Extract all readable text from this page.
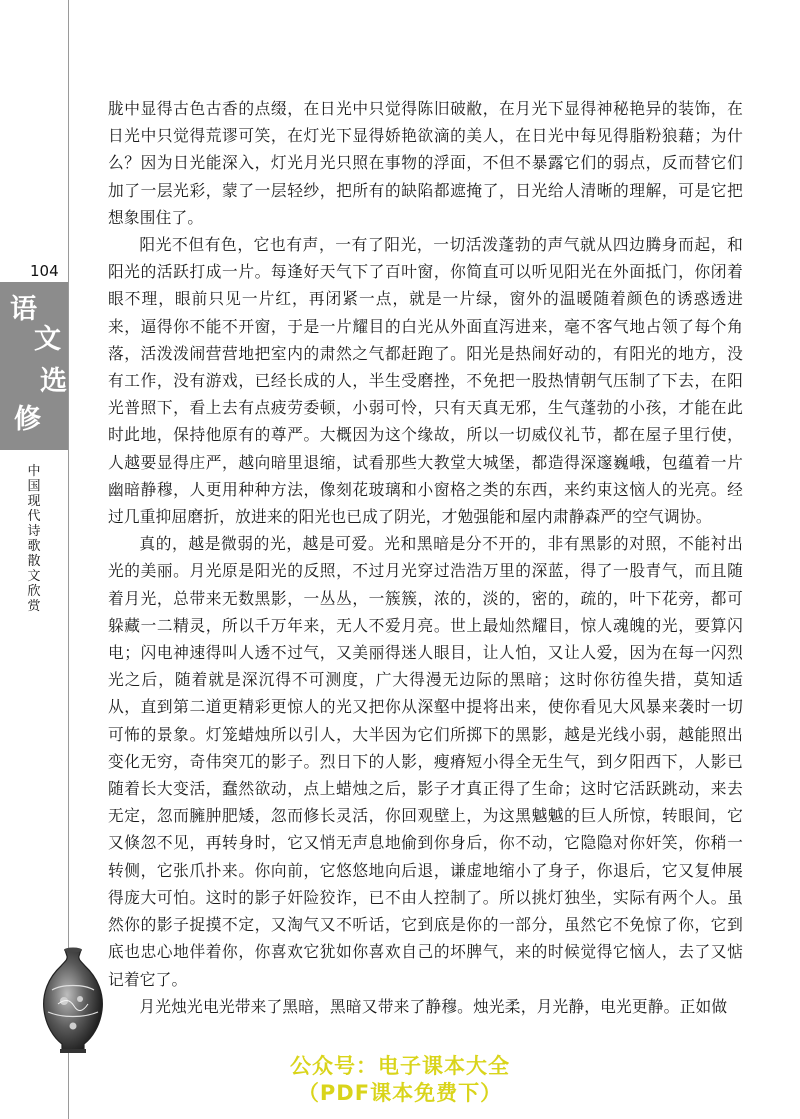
104
语
文
选
修
中国现代诗歌散文欣赏

胧中显得古色古香的点缀，在日光中只觉得陈旧破敝，在月光下显得神秘艳异的装饰，在日光中只觉得荒谬可笑，在灯光下显得娇艳欲滴的美人，在日光中每见得脂粉狼藉；为什么？因为日光能深入，灯光月光只照在事物的浮面，不但不暴露它们的弱点，反而替它们加了一层光彩，蒙了一层轻纱，把所有的缺陷都遮掩了，日光给人清晰的理解，可是它把想象围住了。

阳光不但有色，它也有声，一有了阳光，一切活泼蓬勃的声气就从四边腾身而起，和阳光的活跃打成一片。每逢好天气下了百叶窗，你简直可以听见阳光在外面抵门，你闭着眼不理，眼前只见一片红，再闭紧一点，就是一片绿，窗外的温暖随着颜色的诱惑透进来，逼得你不能不开窗，于是一片耀目的白光从外面直泻进来，毫不客气地占领了每个角落，活泼泼闹营营地把室内的肃然之气都赶跑了。阳光是热闹好动的，有阳光的地方，没有工作，没有游戏，已经长成的人，半生受磨挫，不免把一股热情朝气压制了下去，在阳光普照下，看上去有点疲劳委顿，小弱可怜，只有天真无邪，生气蓬勃的小孩，才能在此时此地，保持他原有的尊严。大概因为这个缘故，所以一切威仪礼节，都在屋子里行使，人越要显得庄严，越向暗里退缩，试看那些大教堂大城堡，都造得深邃巍峨，包蕴着一片幽暗静穆，人更用种种方法，像刻花玻璃和小窗格之类的东西，来约束这恼人的光亮。经过几重抑屈磨折，放进来的阳光也已成了阴光，才勉强能和屋内肃静森严的空气调协。

真的，越是微弱的光，越是可爱。光和黑暗是分不开的，非有黑影的对照，不能衬出光的美丽。月光原是阳光的反照，不过月光穿过浩浩万里的深蓝，得了一股青气，而且随着月光，总带来无数黑影，一丛丛，一簇簇，浓的，淡的，密的，疏的，叶下花旁，都可躲藏一二精灵，所以千万年来，无人不爱月亮。世上最灿然耀目，惊人魂魄的光，要算闪电；闪电神速得叫人透不过气，又美丽得迷人眼目，让人怕，又让人爱，因为在每一闪烈光之后，随着就是深沉得不可测度，广大得漫无边际的黑暗；这时你彷徨失措，莫知适从，直到第二道更精彩更惊人的光又把你从深壑中提将出来，使你看见大风暴来袭时一切可怖的景象。灯笼蜡烛所以引人，大半因为它们所掷下的黑影，越是光线小弱，越能照出变化无穷，奇伟突兀的影子。烈日下的人影，瘦瘠短小得全无生气，到夕阳西下，人影已随着长大变活，蠢然欲动，点上蜡烛之后，影子才真正得了生命；这时它活跃跳动，来去无定，忽而臃肿肥矮，忽而修长灵活，你回观壁上，为这黑魆魆的巨人所惊，转眼间，它又倏忽不见，再转身时，它又悄无声息地偷到你身后，你不动，它隐隐对你奸笑，你稍一转侧，它张爪扑来。你向前，它悠悠地向后退，谦虚地缩小了身子，你退后，它又复伸展得庞大可怕。这时的影子奸险狡诈，已不由人控制了。所以挑灯独坐，实际有两个人。虽然你的影子捉摸不定，又淘气又不听话，它到底是你的一部分，虽然它不免惊了你，它到底也忠心地伴着你，你喜欢它犹如你喜欢自己的坏脾气，来的时候觉得它恼人，去了又惦记着它了。

月光烛光电光带来了黑暗，黑暗又带来了静穆。烛光柔，月光静，电光更静。正如做

公众号：电子课本大全
（PDF课本免费下）
